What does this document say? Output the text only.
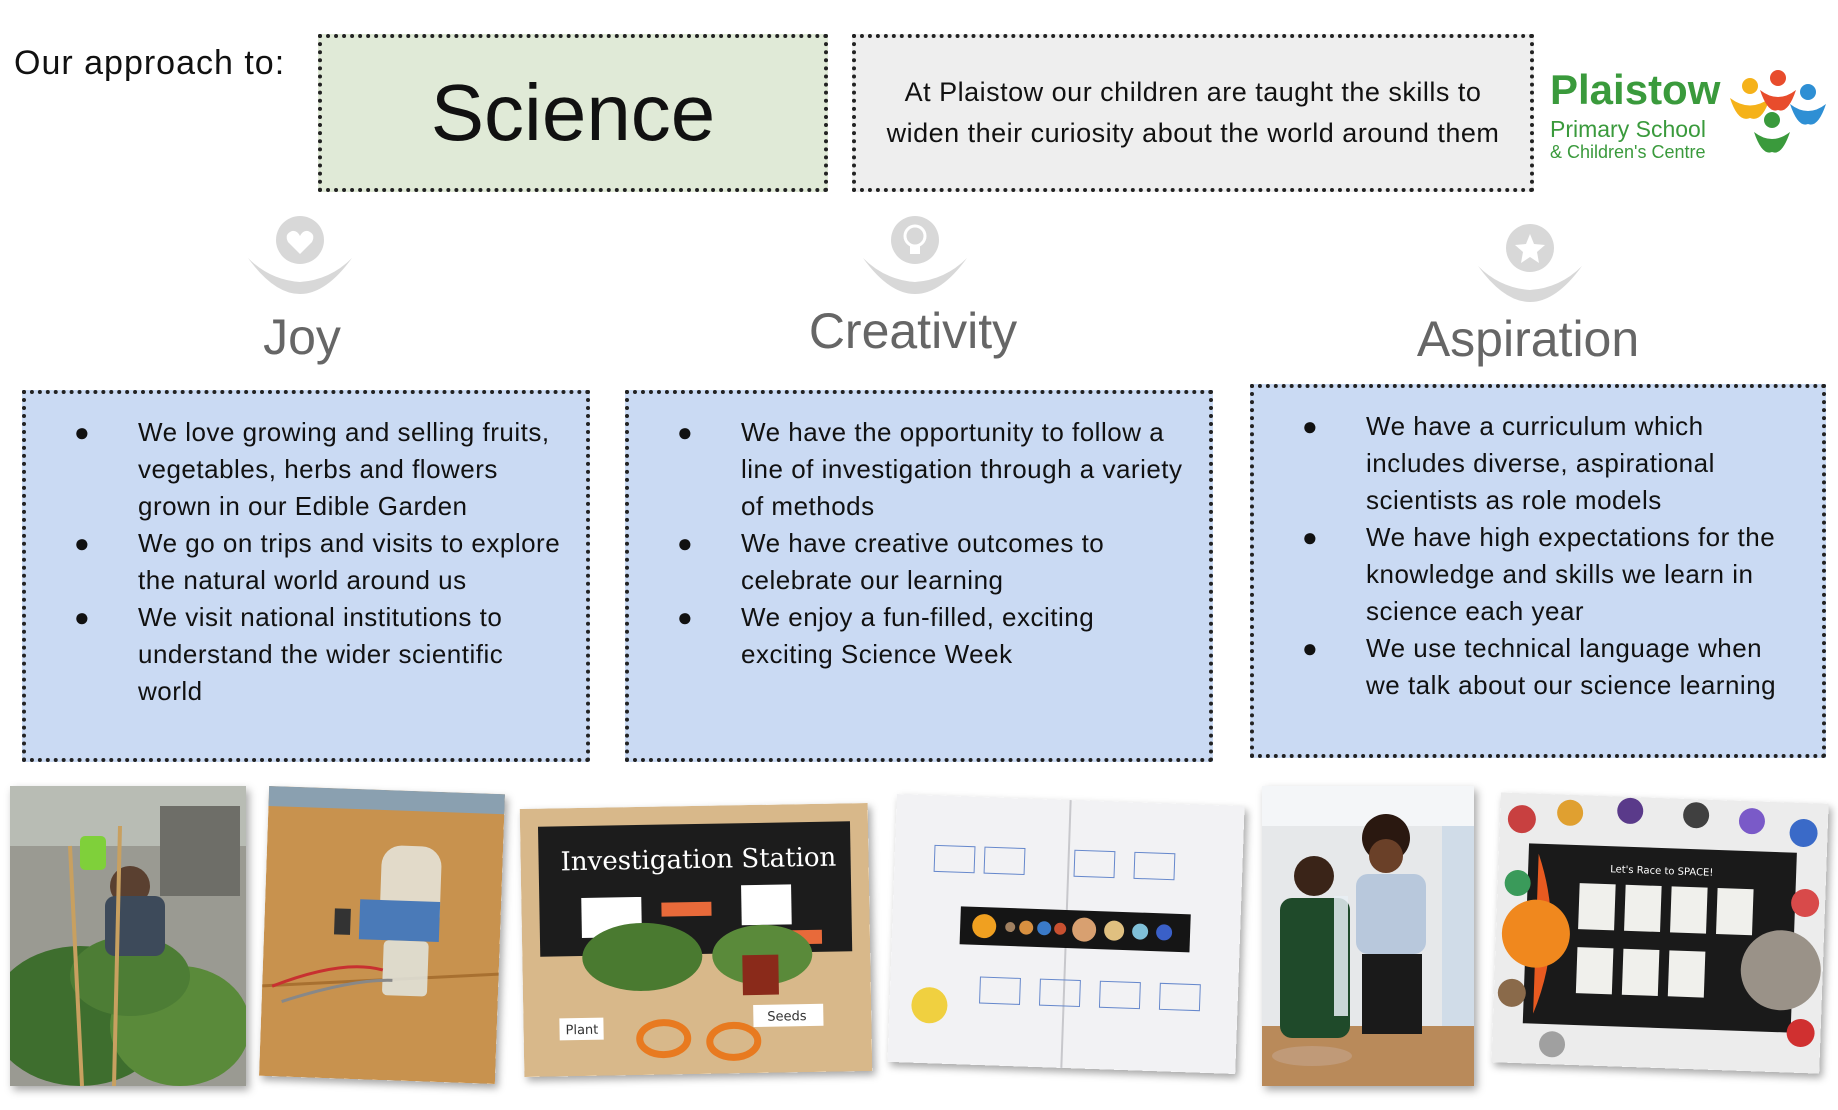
Our approach to:
Science	At Plaistow our children are taught the skills to widen their curiosity about the world around them
Plaistow
Primary School
& Children's Centre
Joy	Creativity	Aspiration
● We love growing and selling fruits, vegetables, herbs and flowers grown in our Edible Garden
● We go on trips and visits to explore the natural world around us
● We visit national institutions to understand the wider scientific world
● We have the opportunity to follow a line of investigation through a variety of methods
● We have creative outcomes to celebrate our learning
● We enjoy a fun-filled, exciting exciting Science Week
● We have a curriculum which includes diverse, aspirational scientists as role models
● We have high expectations for the knowledge and skills we learn in science each year
● We use technical language when we talk about our science learning
Investigation Station
Seeds
Plant
Let's Race to SPACE!
